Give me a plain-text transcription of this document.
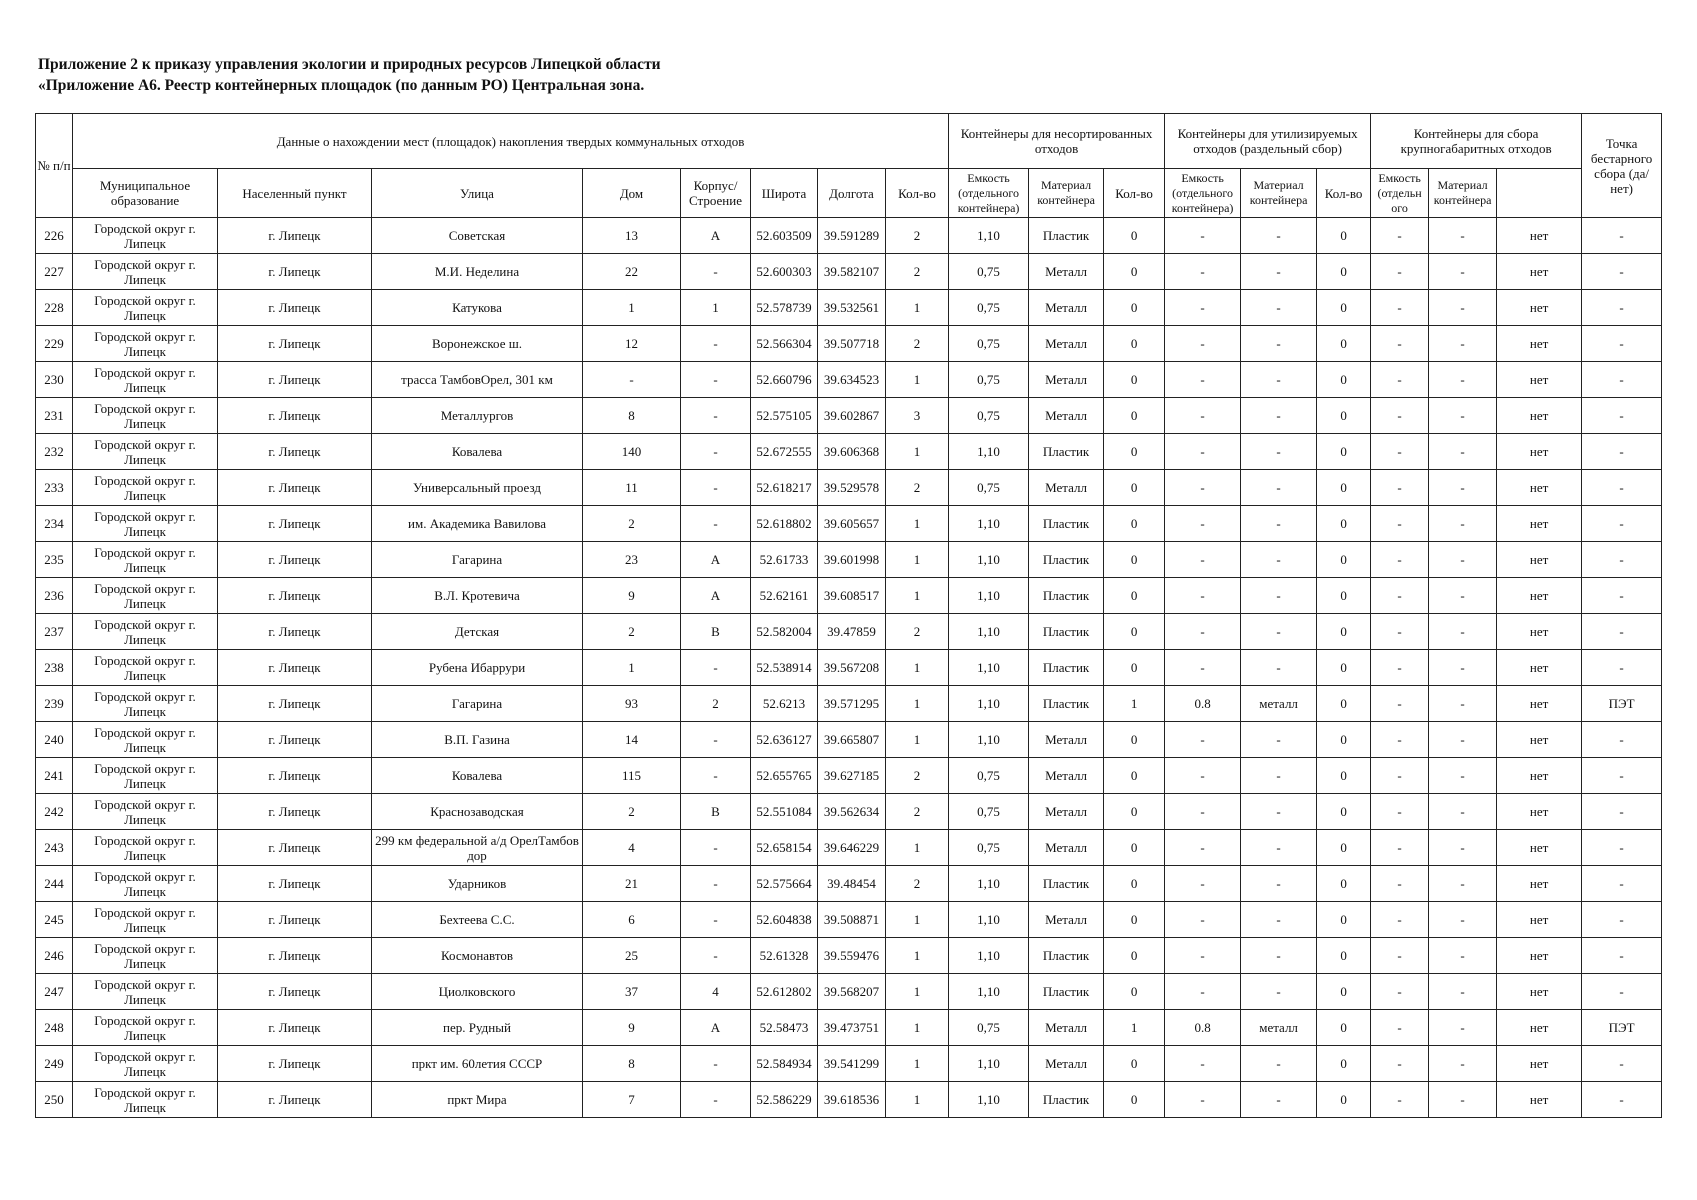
Приложение 2 к приказу управления экологии и природных ресурсов Липецкой области
«Приложение А6. Реестр контейнерных площадок (по данным РО) Центральная зона.
№ п/п	Данные о нахождении мест (площадок) накопления твердых коммунальных отходов								Контейнеры для несортированных отходов			Контейнеры для утилизируемых отходов (раздельный сбор)			Контейнеры для сбора крупногабаритных отходов			Точка бестарного сбора (да/нет)	
	Муниципальное образование	Населенный пункт	Улица	Дом	Корпус/ Строение	Широта	Долгота	Кол-во	Емкость (отдельного контейнера)	Материал контейнера	Кол-во	Емкость (отдельного контейнера)	Материал контейнера	Кол-во	Емкость (отдельн ого	Материал контейнера			
226	Городской округ г. Липецк	г. Липецк	Советская	13	А	52.603509	39.591289	2	1,10	Пластик	0	-	-	0	-	-	нет	-	
227	Городской округ г. Липецк	г. Липецк	М.И. Неделина	22	-	52.600303	39.582107	2	0,75	Металл	0	-	-	0	-	-	нет	-	
228	Городской округ г. Липецк	г. Липецк	Катукова	1	1	52.578739	39.532561	1	0,75	Металл	0	-	-	0	-	-	нет	-	
229	Городской округ г. Липецк	г. Липецк	Воронежское ш.	12	-	52.566304	39.507718	2	0,75	Металл	0	-	-	0	-	-	нет	-	
230	Городской округ г. Липецк	г. Липецк	трасса ТамбовОрел, 301 км	-	-	52.660796	39.634523	1	0,75	Металл	0	-	-	0	-	-	нет	-	
231	Городской округ г. Липецк	г. Липецк	Металлургов	8	-	52.575105	39.602867	3	0,75	Металл	0	-	-	0	-	-	нет	-	
232	Городской округ г. Липецк	г. Липецк	Ковалева	140	-	52.672555	39.606368	1	1,10	Пластик	0	-	-	0	-	-	нет	-	
233	Городской округ г. Липецк	г. Липецк	Универсальный проезд	11	-	52.618217	39.529578	2	0,75	Металл	0	-	-	0	-	-	нет	-	
234	Городской округ г. Липецк	г. Липецк	им. Академика Вавилова	2	-	52.618802	39.605657	1	1,10	Пластик	0	-	-	0	-	-	нет	-	
235	Городской округ г. Липецк	г. Липецк	Гагарина	23	А	52.61733	39.601998	1	1,10	Пластик	0	-	-	0	-	-	нет	-	
236	Городской округ г. Липецк	г. Липецк	В.Л. Кротевича	9	А	52.62161	39.608517	1	1,10	Пластик	0	-	-	0	-	-	нет	-	
237	Городской округ г. Липецк	г. Липецк	Детская	2	В	52.582004	39.47859	2	1,10	Пластик	0	-	-	0	-	-	нет	-	
238	Городской округ г. Липецк	г. Липецк	Рубена Ибаррури	1	-	52.538914	39.567208	1	1,10	Пластик	0	-	-	0	-	-	нет	-	
239	Городской округ г. Липецк	г. Липецк	Гагарина	93	2	52.6213	39.571295	1	1,10	Пластик	1	0.8	металл	0	-	-	нет	ПЭТ	
240	Городской округ г. Липецк	г. Липецк	В.П. Газина	14	-	52.636127	39.665807	1	1,10	Металл	0	-	-	0	-	-	нет	-	
241	Городской округ г. Липецк	г. Липецк	Ковалева	115	-	52.655765	39.627185	2	0,75	Металл	0	-	-	0	-	-	нет	-	
242	Городской округ г. Липецк	г. Липецк	Краснозаводская	2	В	52.551084	39.562634	2	0,75	Металл	0	-	-	0	-	-	нет	-	
243	Городской округ г. Липецк	г. Липецк	299 км федеральной а/д ОрелТамбов дор	4	-	52.658154	39.646229	1	0,75	Металл	0	-	-	0	-	-	нет	-	
244	Городской округ г. Липецк	г. Липецк	Ударников	21	-	52.575664	39.48454	2	1,10	Пластик	0	-	-	0	-	-	нет	-	
245	Городской округ г. Липецк	г. Липецк	Бехтеева С.С.	6	-	52.604838	39.508871	1	1,10	Металл	0	-	-	0	-	-	нет	-	
246	Городской округ г. Липецк	г. Липецк	Космонавтов	25	-	52.61328	39.559476	1	1,10	Пластик	0	-	-	0	-	-	нет	-	
247	Городской округ г. Липецк	г. Липецк	Циолковского	37	4	52.612802	39.568207	1	1,10	Пластик	0	-	-	0	-	-	нет	-	
248	Городской округ г. Липецк	г. Липецк	пер. Рудный	9	А	52.58473	39.473751	1	0,75	Металл	1	0.8	металл	0	-	-	нет	ПЭТ	
249	Городской округ г. Липецк	г. Липецк	пркт им. 60летия СССР	8	-	52.584934	39.541299	1	1,10	Металл	0	-	-	0	-	-	нет	-	
250	Городской округ г. Липецк	г. Липецк	пркт Мира	7	-	52.586229	39.618536	1	1,10	Пластик	0	-	-	0	-	-	нет	-	
